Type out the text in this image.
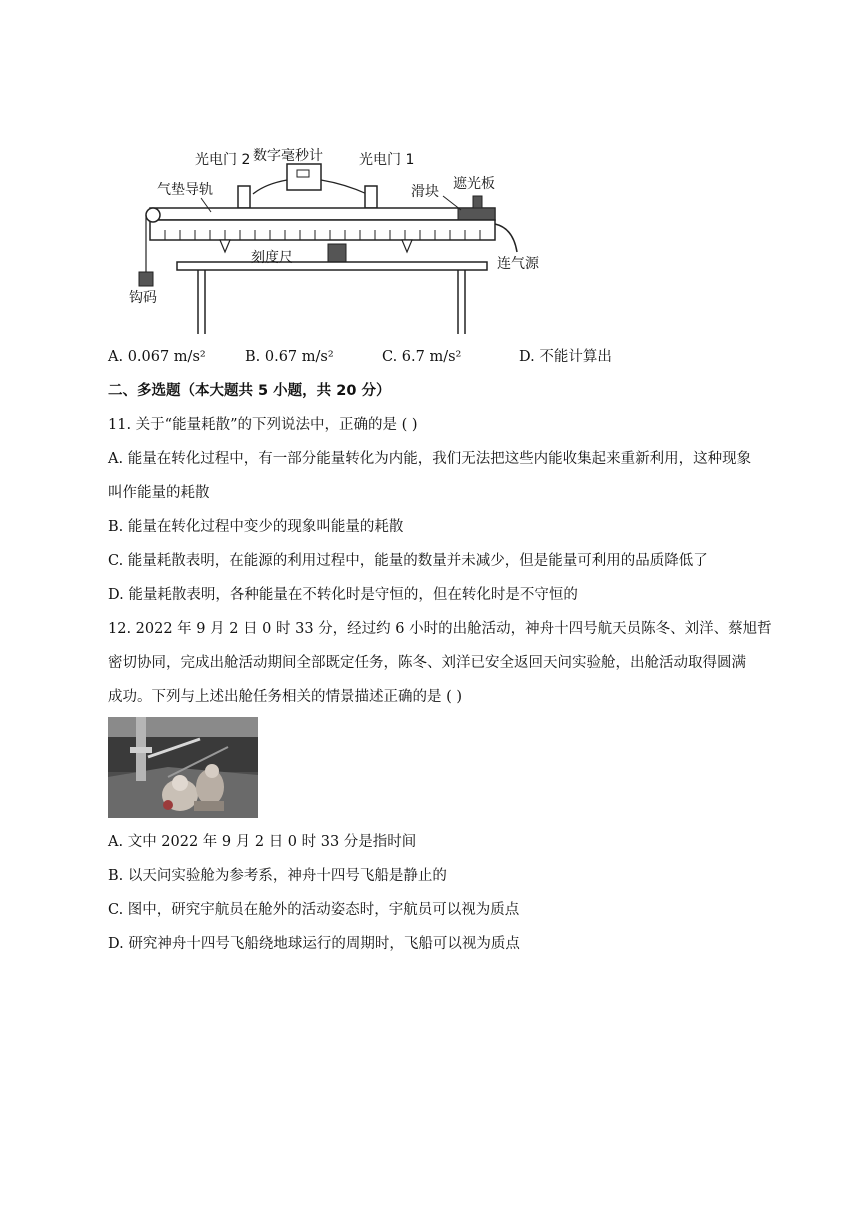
数字毫秒计
光电门 2	光电门 1
气垫导轨	滑块 遮光板
刻度尺	连气源
钩码
A. 0.067 m/s²	B. 0.67 m/s²	C. 6.7 m/s²	D. 不能计算出
二、多选题（本大题共 5 小题，共 20 分）
11. 关于“能量耗散”的下列说法中，正确的是 ( )
A. 能量在转化过程中，有一部分能量转化为内能，我们无法把这些内能收集起来重新利用，这种现象
叫作能量的耗散
B. 能量在转化过程中变少的现象叫能量的耗散
C. 能量耗散表明，在能源的利用过程中，能量的数量并未减少，但是能量可利用的品质降低了
D. 能量耗散表明，各种能量在不转化时是守恒的，但在转化时是不守恒的
12. 2022 年 9 月 2 日 0 时 33 分，经过约 6 小时的出舱活动，神舟十四号航天员陈冬、刘洋、蔡旭哲
密切协同，完成出舱活动期间全部既定任务，陈冬、刘洋已安全返回天问实验舱，出舱活动取得圆满
成功。下列与上述出舱任务相关的情景描述正确的是 ( )
A. 文中 2022 年 9 月 2 日 0 时 33 分是指时间
B. 以天问实验舱为参考系，神舟十四号飞船是静止的
C. 图中，研究宇航员在舱外的活动姿态时，宇航员可以视为质点
D. 研究神舟十四号飞船绕地球运行的周期时，飞船可以视为质点
